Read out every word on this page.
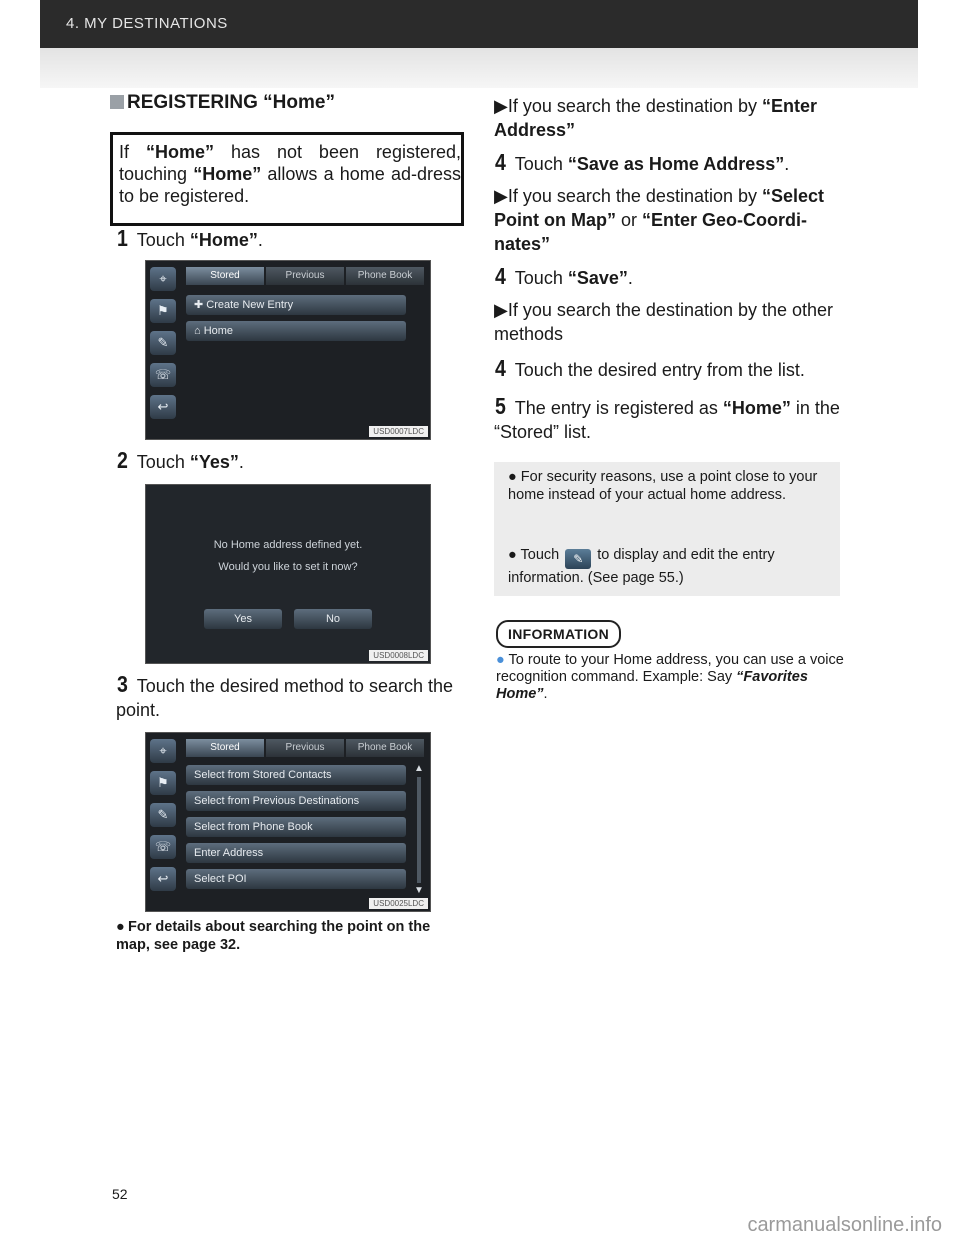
4. MY DESTINATIONS
REGISTERING “Home”
If “Home” has not been registered, touching “Home” allows a home ad-dress to be registered.
1 Touch “Home”.
⌖
⚑
✎
☏
↩
Stored	Previous	Phone Book
✚ Create New Entry
⌂ Home
USD0007LDC
2 Touch “Yes”.
No Home address defined yet.
Would you like to set it now?
Yes	No
USD0008LDC
3 Touch the desired method to search the point.
⌖
⚑
✎
☏
↩
Stored	Previous	Phone Book
Select from Stored Contacts
Select from Previous Destinations
Select from Phone Book
Enter Address
Select POI
▲
▼
USD0025LDC
● For details about searching the point on the map, see page 32.
▶If you search the destination by “Enter Address”
4 Touch “Save as Home Address”.
▶If you search the destination by “Select Point on Map” or “Enter Geo-Coordi-nates”
4 Touch “Save”.
▶If you search the destination by the other methods
4 Touch the desired entry from the list.
5 The entry is registered as “Home” in the “Stored” list.
● For security reasons, use a point close to your home instead of your actual home address.
● Touch ✎ to display and edit the entry information. (See page 55.)
INFORMATION
● To route to your Home address, you can use a voice recognition command. Example: Say “Favorites Home”.
52
carmanualsonline.info
